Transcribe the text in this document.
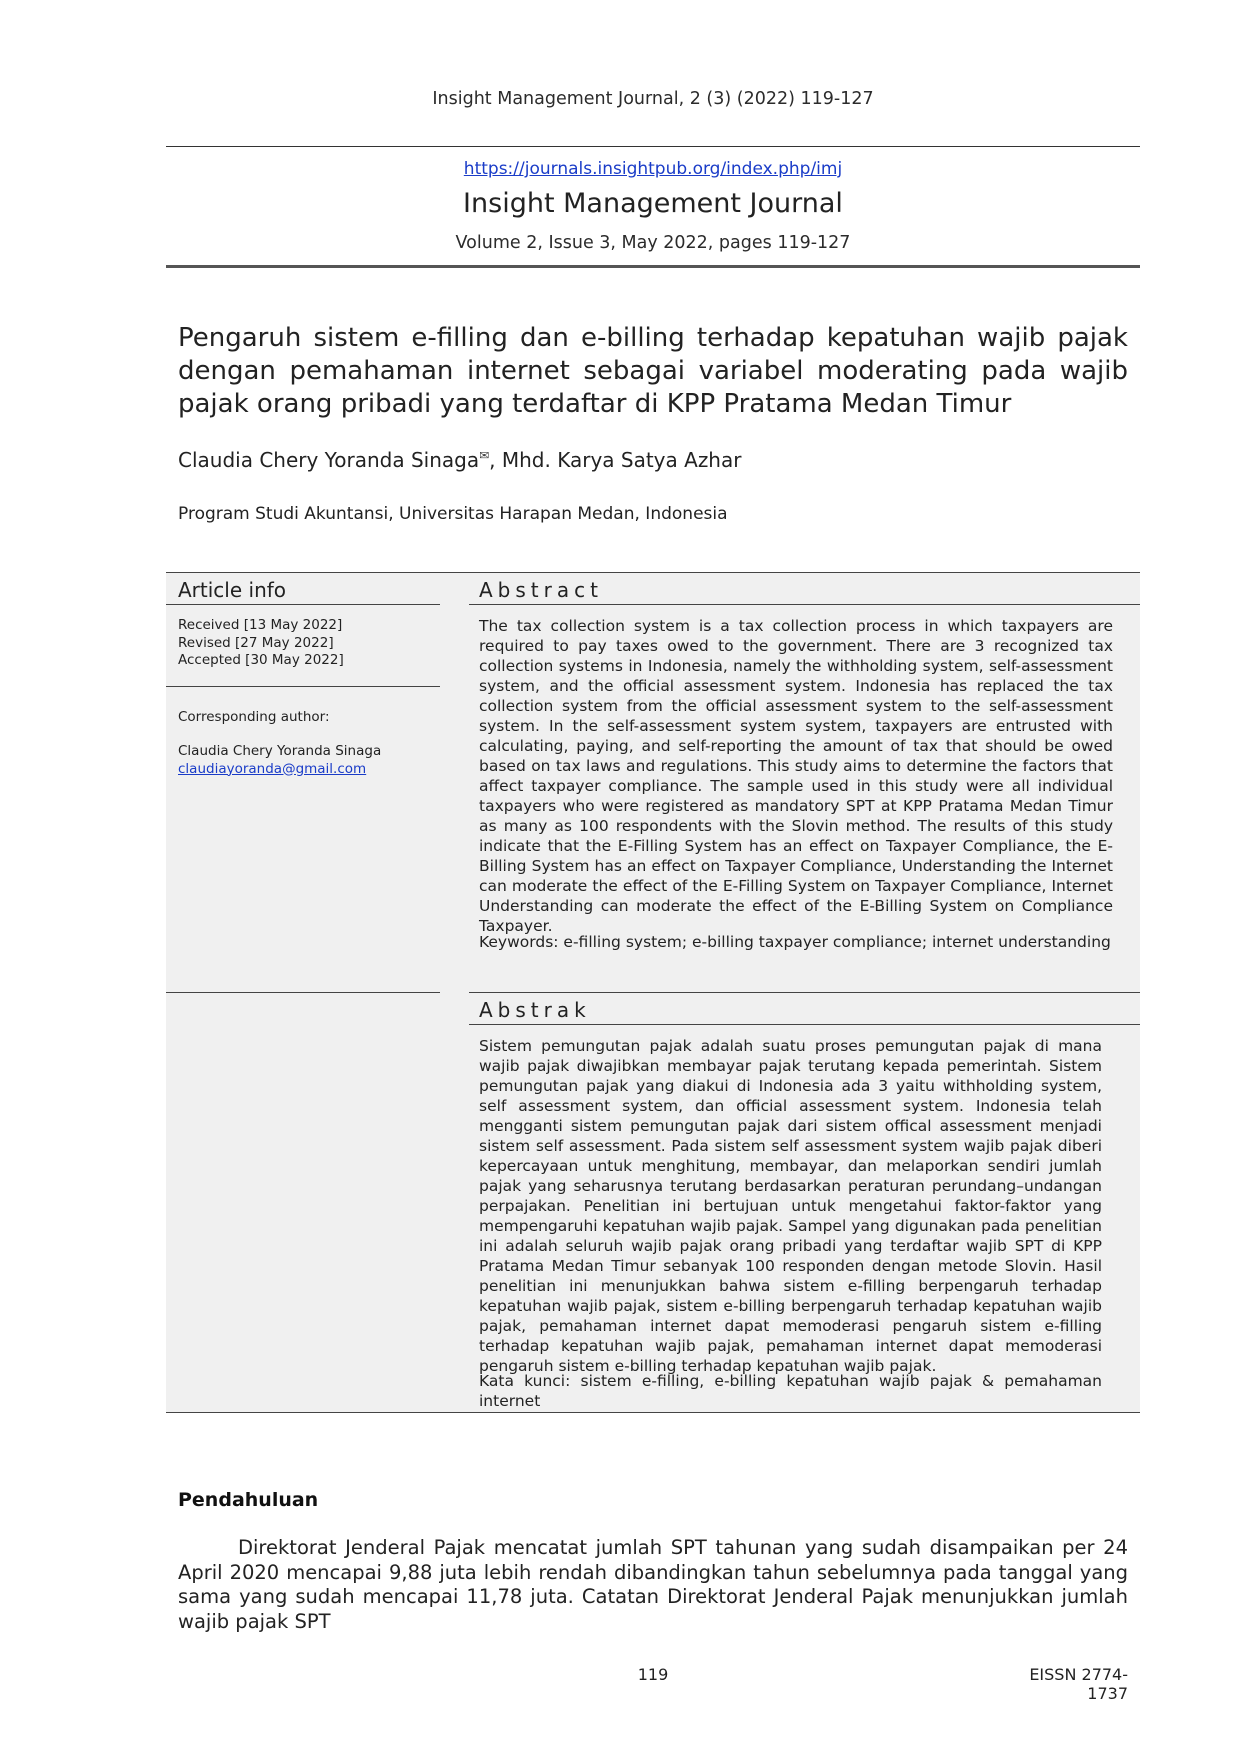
Insight Management Journal, 2 (3) (2022) 119-127
https://journals.insightpub.org/index.php/imj
Insight Management Journal
Volume 2, Issue 3, May 2022, pages 119-127
Pengaruh sistem e-filling dan e-billing terhadap kepatuhan wajib pajak dengan pemahaman internet sebagai variabel moderating pada wajib pajak orang pribadi yang terdaftar di KPP Pratama Medan Timur
Claudia Chery Yoranda Sinaga✉, Mhd. Karya Satya Azhar
Program Studi Akuntansi, Universitas Harapan Medan, Indonesia
Article info
Received [13 May 2022]
Revised [27 May 2022]
Accepted [30 May 2022]
Corresponding author:
Claudia Chery Yoranda Sinaga
claudiayoranda@gmail.com
Abstract
The tax collection system is a tax collection process in which taxpayers are required to pay taxes owed to the government. There are 3 recognized tax collection systems in Indonesia, namely the withholding system, self-assessment system, and the official assessment system. Indonesia has replaced the tax collection system from the official assessment system to the self-assessment system. In the self-assessment system system, taxpayers are entrusted with calculating, paying, and self-reporting the amount of tax that should be owed based on tax laws and regulations. This study aims to determine the factors that affect taxpayer compliance. The sample used in this study were all individual taxpayers who were registered as mandatory SPT at KPP Pratama Medan Timur as many as 100 respondents with the Slovin method. The results of this study indicate that the E-Filling System has an effect on Taxpayer Compliance, the E-Billing System has an effect on Taxpayer Compliance, Understanding the Internet can moderate the effect of the E-Filling System on Taxpayer Compliance, Internet Understanding can moderate the effect of the E-Billing System on Compliance Taxpayer.
Keywords: e-filling system; e-billing taxpayer compliance; internet understanding
Abstrak
Sistem pemungutan pajak adalah suatu proses pemungutan pajak di mana wajib pajak diwajibkan membayar pajak terutang kepada pemerintah. Sistem pemungutan pajak yang diakui di Indonesia ada 3 yaitu withholding system, self assessment system, dan official assessment system. Indonesia telah mengganti sistem pemungutan pajak dari sistem offical assessment menjadi sistem self assessment. Pada sistem self assessment system wajib pajak diberi kepercayaan untuk menghitung, membayar, dan melaporkan sendiri jumlah pajak yang seharusnya terutang berdasarkan peraturan perundang–undangan perpajakan. Penelitian ini bertujuan untuk mengetahui faktor-faktor yang mempengaruhi kepatuhan wajib pajak. Sampel yang digunakan pada penelitian ini adalah seluruh wajib pajak orang pribadi yang terdaftar wajib SPT di KPP Pratama Medan Timur sebanyak 100 responden dengan metode Slovin. Hasil penelitian ini menunjukkan bahwa sistem e-filling berpengaruh terhadap kepatuhan wajib pajak, sistem e-billing berpengaruh terhadap kepatuhan wajib pajak, pemahaman internet dapat memoderasi pengaruh sistem e-filling terhadap kepatuhan wajib pajak, pemahaman internet dapat memoderasi pengaruh sistem e-billing terhadap kepatuhan wajib pajak.
Kata kunci: sistem e-filling, e-billing kepatuhan wajib pajak & pemahaman internet
Pendahuluan
Direktorat Jenderal Pajak mencatat jumlah SPT tahunan yang sudah disampaikan per 24 April 2020 mencapai 9,88 juta lebih rendah dibandingkan tahun sebelumnya pada tanggal yang sama yang sudah mencapai 11,78 juta. Catatan Direktorat Jenderal Pajak menunjukkan jumlah wajib pajak SPT
119	EISSN 2774-1737
